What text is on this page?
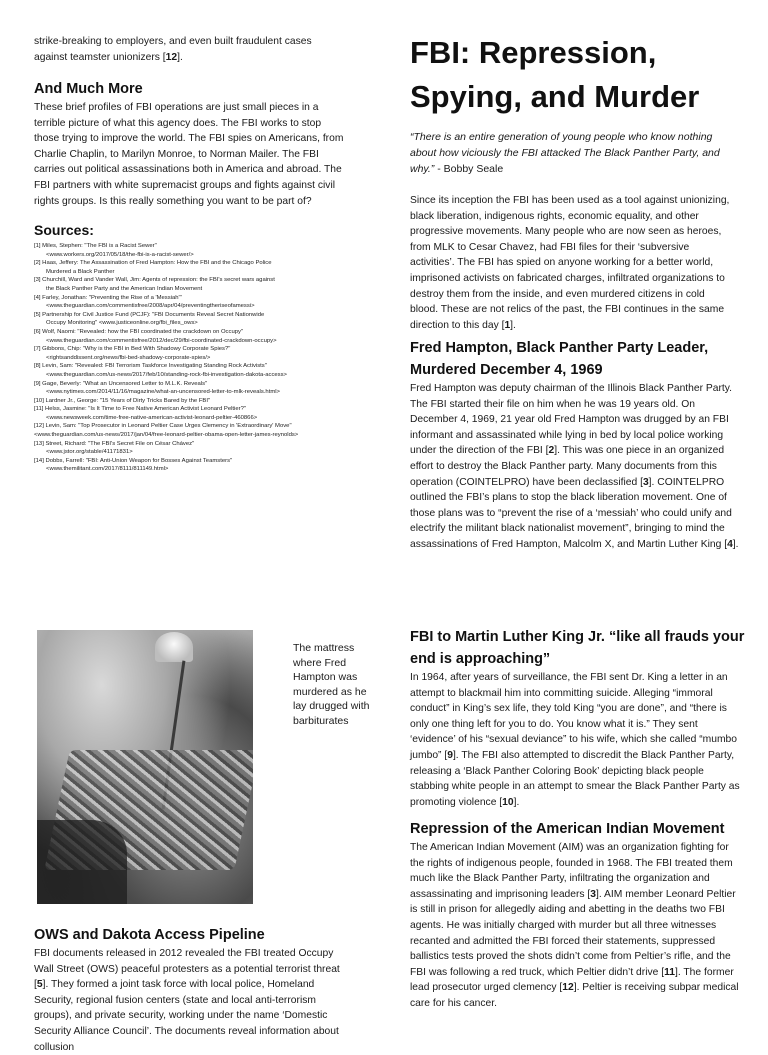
strike-breaking to employers, and even built fraudulent cases against teamster unionizers [12].
And Much More
These brief profiles of FBI operations are just small pieces in a terrible picture of what this agency does. The FBI works to stop those trying to improve the world. The FBI spies on Americans, from Charlie Chaplin, to Marilyn Monroe, to Norman Mailer. The FBI carries out political assassinations both in America and abroad. The FBI partners with white supremacist groups and fights against civil rights groups. Is this really something you want to be part of?
Sources:
[1] Miles, Stephen: "The FBI is a Racist Sewer"
<www.workers.org/2017/05/18/the-fbi-is-a-racist-sewer/>
[2] Haas, Jeffery: The Assassination of Fred Hampton: How the FBI and the Chicago Police
Murdered a Black Panther
[3] Churchill, Ward and Vander Wall, Jim: Agents of repression: the FBI's secret wars against
the Black Panther Party and the American Indian Movement
[4] Farley, Jonathan: "Preventing the Rise of a 'Messiah'"
<www.theguardian.com/commentisfree/2008/apr/04/preventingtheriseofamessi>
[5] Partnership for Civil Justice Fund (PCJF): "FBI Documents Reveal Secret Nationwide
Occupy Monitoring" <www.justiceonline.org/fbi_files_ows>
[6] Wolf, Naomi: "Revealed: how the FBI coordinated the crackdown on Occupy"
<www.theguardian.com/commentisfree/2012/dec/29/fbi-coordinated-crackdown-occupy>
[7] Gibbons, Chip: "Why is the FBI in Bed With Shadowy Corporate Spies?"
<rightsanddissent.org/news/fbi-bed-shadowy-corporate-spies/>
[8] Levin, Sam: "Revealed: FBI Terrorism Taskforce Investigating Standing Rock Activists"
<www.theguardian.com/us-news/2017/feb/10/standing-rock-fbi-investigation-dakota-access>
[9] Gage, Beverly: "What an Uncensored Letter to M.L.K. Reveals"
<www.nytimes.com/2014/11/16/magazine/what-an-uncensored-letter-to-mlk-reveals.html>
[10] Lardner Jr., George: "15 Years of Dirty Tricks Bared by the FBI"
[11] Helss, Jasmine: "Is It Time to Free Native American Activist Leonard Peltier?"
<www.newsweek.com/time-free-native-american-activist-leonard-peltier-460866>
[12] Levin, Sam: "Top Prosecutor in Leonard Peltier Case Urges Clemency in 'Extraordinary' Move" <www.theguardian.com/us-news/2017/jan/04/free-leonard-peltier-obama-open-letter-james-reynolds>
[13] Street, Richard: "The FBI's Secret File on César Chávez"
<www.jstor.org/stable/41171831>
[14] Dobbs, Farrell: "FBI: Anti-Union Weapon for Bosses Against Teamsters"
<www.themilitant.com/2017/8111/811149.html>
The mattress where Fred Hampton was murdered as he lay drugged with barbiturates
OWS and Dakota Access Pipeline
FBI documents released in 2012 revealed the FBI treated Occupy Wall Street (OWS) peaceful protesters as a potential terrorist threat [5]. They formed a joint task force with local police, Homeland Security, regional fusion centers (state and local anti-terrorism groups), and private security, working under the name ‘Domestic Security Alliance Council’. The documents reveal information about collusion
FBI: Repression,
Spying, and Murder
“There is an entire generation of young people who know nothing about how viciously the FBI attacked The Black Panther Party, and why.” - Bobby Seale
Since its inception the FBI has been used as a tool against unionizing, black liberation, indigenous rights, economic equality, and other progressive movements. Many people who are now seen as heroes, from MLK to Cesar Chavez, had FBI files for their ‘subversive activities’. The FBI has spied on anyone working for a better world, imprisoned activists on fabricated charges, infiltrated organizations to destroy them from the inside, and even murdered citizens in cold blood. These are not relics of the past, the FBI continues in the same direction to this day [1].
Fred Hampton, Black Panther Party Leader, Murdered December 4, 1969
Fred Hampton was deputy chairman of the Illinois Black Panther Party. The FBI started their file on him when he was 19 years old. On December 4, 1969, 21 year old Fred Hampton was drugged by an FBI informant and assassinated while lying in bed by local police working under the direction of the FBI [2]. This was one piece in an organized effort to destroy the Black Panther party. Many documents from this operation (COINTELPRO) have been declassified [3]. COINTELPRO outlined the FBI’s plans to stop the black liberation movement. One of those plans was to “prevent the rise of a ‘messiah’ who could unify and electrify the militant black nationalist movement”, bringing to mind the assassinations of Fred Hampton, Malcolm X, and Martin Luther King [4].
FBI to Martin Luther King Jr. “like all frauds your end is approaching”
In 1964, after years of surveillance, the FBI sent Dr. King a letter in an attempt to blackmail him into committing suicide. Alleging “immoral conduct” in King’s sex life, they told King “you are done”, and “there is only one thing left for you to do. You know what it is.” They sent ‘evidence’ of his “sexual deviance” to his wife, which she called “mumbo jumbo” [9]. The FBI also attempted to discredit the Black Panther Party, releasing a ‘Black Panther Coloring Book’ depicting black people stabbing white people in an attempt to smear the Black Panther Party as promoting violence [10].
Repression of the American Indian Movement
The American Indian Movement (AIM) was an organization fighting for the rights of indigenous people, founded in 1968. The FBI treated them much like the Black Panther Party, infiltrating the organization and assassinating and imprisoning leaders [3]. AIM member Leonard Peltier is still in prison for allegedly aiding and abetting in the deaths two FBI agents. He was initially charged with murder but all three witnesses recanted and admitted the FBI forced their statements, suppressed ballistics tests proved the shots didn’t come from Peltier’s rifle, and the FBI was following a red truck, which Peltier didn’t drive [11]. The former lead prosecutor urged clemency [12]. Peltier is receiving subpar medical care for his cancer.
